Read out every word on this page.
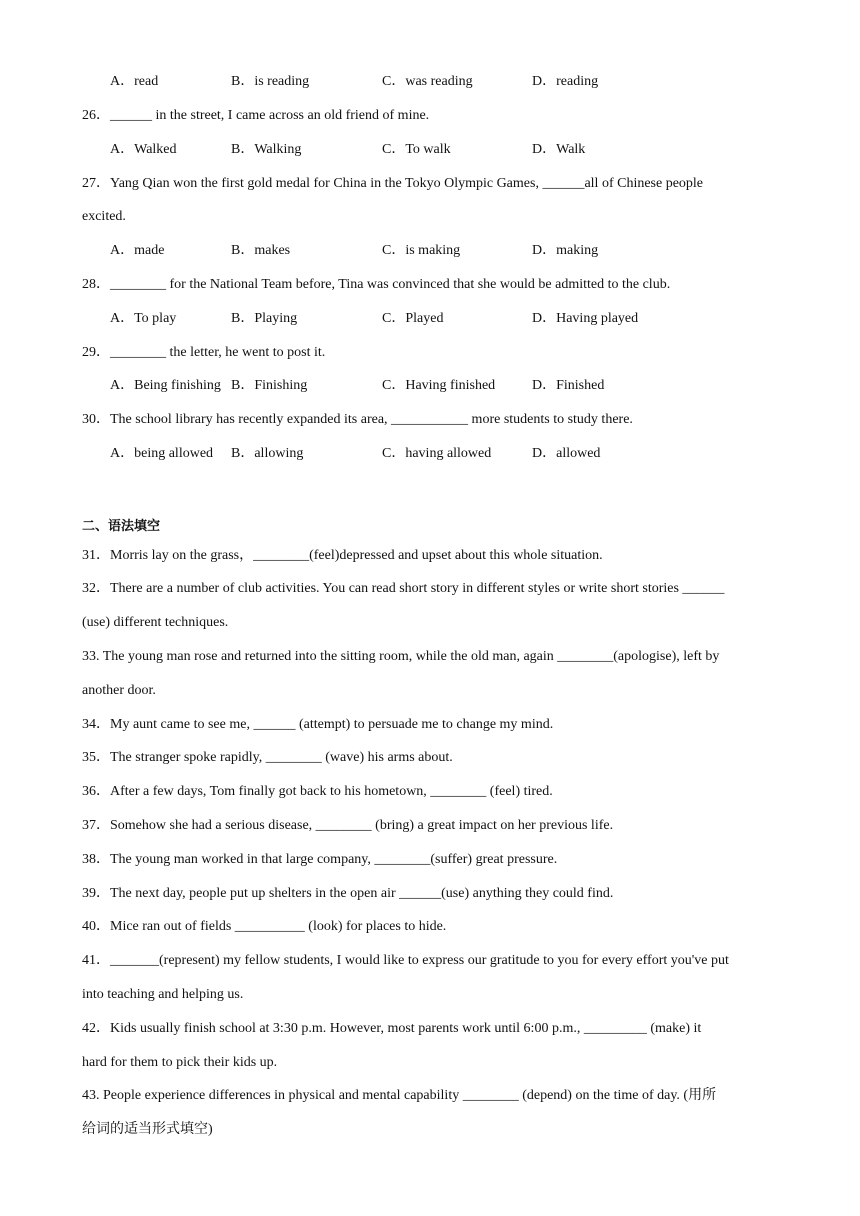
A．read	B．is reading	C．was reading	D．reading
26．______ in the street, I came across an old friend of mine.
A．Walked	B．Walking	C．To walk	D．Walk
27．Yang Qian won the first gold medal for China in the Tokyo Olympic Games, ______all of Chinese people
excited.
A．made	B．makes	C．is making	D．making
28．________ for the National Team before, Tina was convinced that she would be admitted to the club.
A．To play	B．Playing	C．Played	D．Having played
29．________ the letter, he went to post it.
A．Being finishing B．Finishing	C．Having finished	D．Finished
30．The school library has recently expanded its area, ___________ more students to study there.
A．being allowed B．allowing	C．having allowed	D．allowed
二、语法填空
31．Morris lay on the grass，________(feel)depressed and upset about this whole situation.
32．There are a number of club activities. You can read short story in different styles or write short stories ______
(use) different techniques.
33. The young man rose and returned into the sitting room, while the old man, again ________(apologise), left by
another door.
34．My aunt came to see me, ______ (attempt) to persuade me to change my mind.
35．The stranger spoke rapidly, ________ (wave) his arms about.
36．After a few days, Tom finally got back to his hometown, ________ (feel) tired.
37．Somehow she had a serious disease, ________ (bring) a great impact on her previous life.
38．The young man worked in that large company, ________(suffer) great pressure.
39．The next day, people put up shelters in the open air ______(use) anything they could find.
40．Mice ran out of fields __________ (look) for places to hide.
41．_______(represent) my fellow students, I would like to express our gratitude to you for every effort you've put
into teaching and helping us.
42．Kids usually finish school at 3:30 p.m. However, most parents work until 6:00 p.m., _________ (make) it
hard for them to pick their kids up.
43. People experience differences in physical and mental capability ________ (depend) on the time of day. (用所
给词的适当形式填空)
